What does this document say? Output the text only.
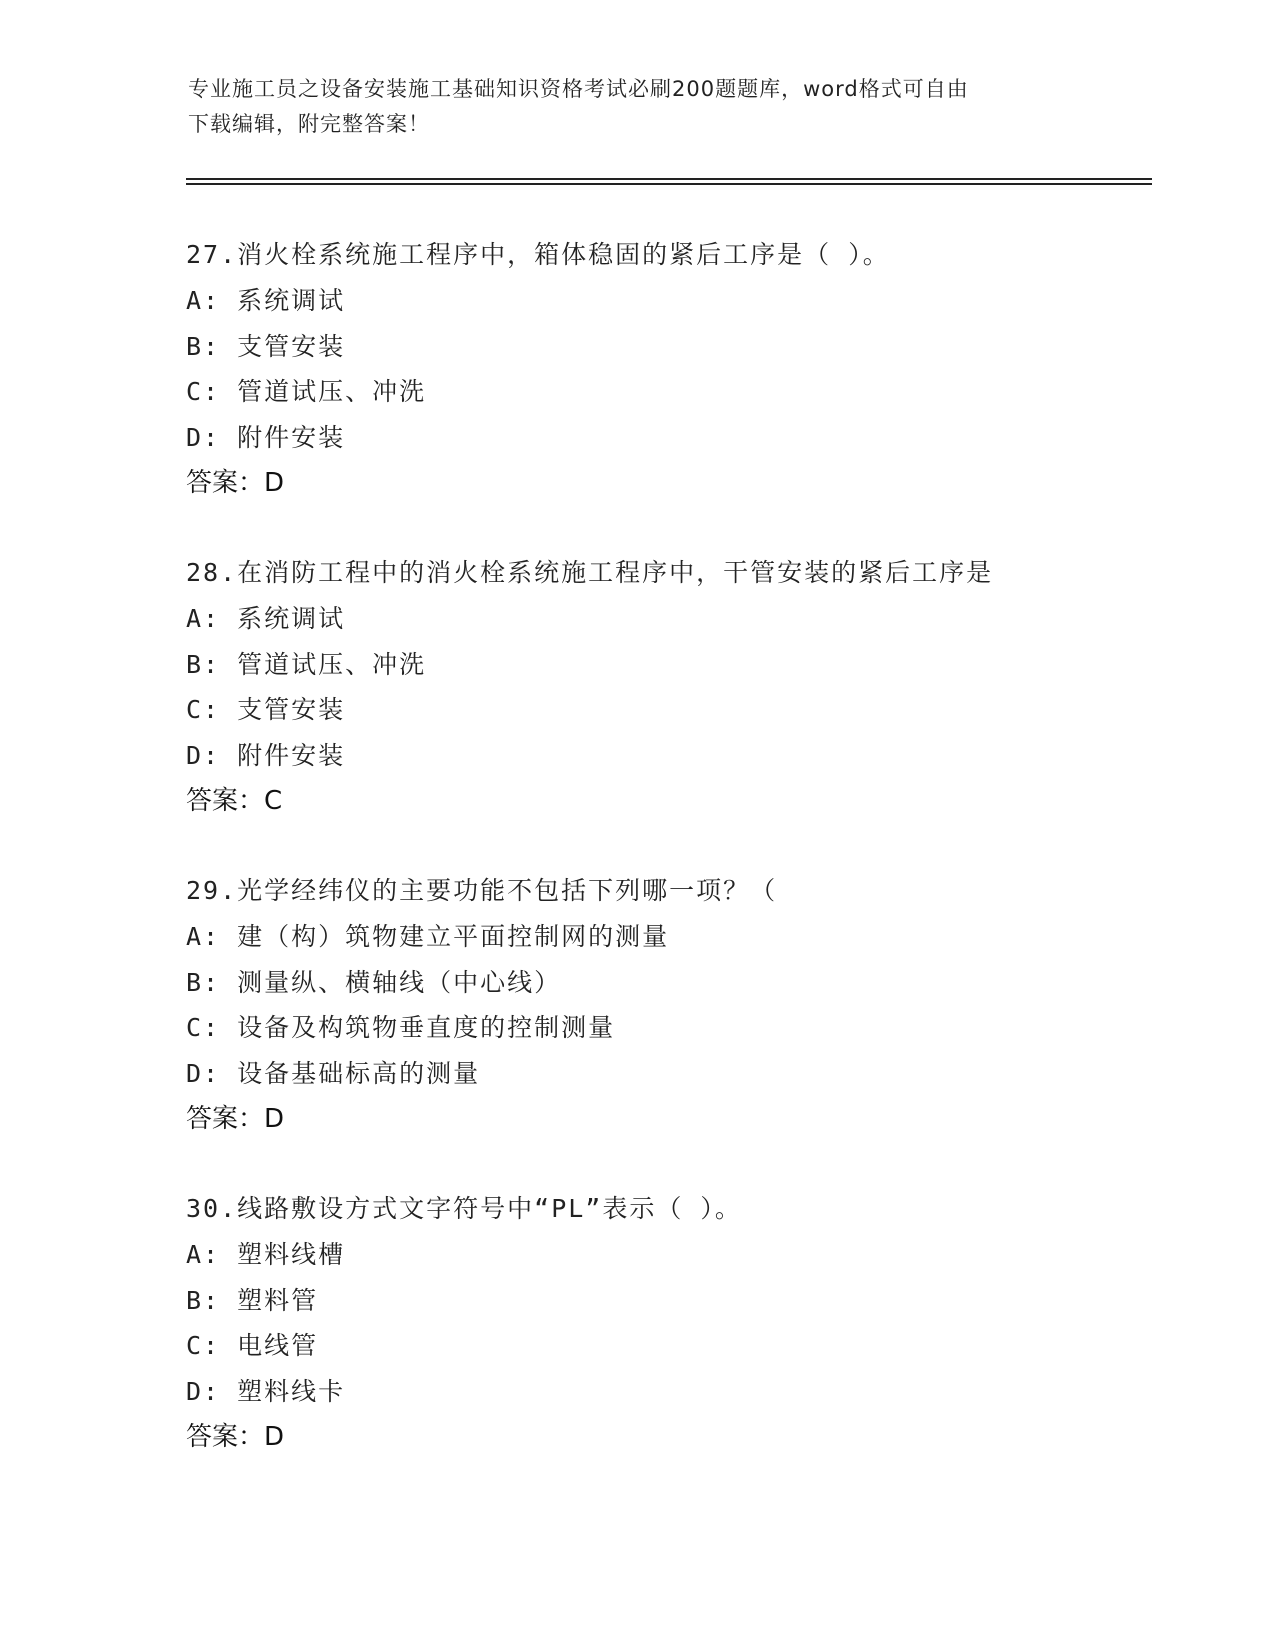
专业施工员之设备安装施工基础知识资格考试必刷200题题库，word格式可自由
下载编辑，附完整答案！
27.消火栓系统施工程序中，箱体稳固的紧后工序是（ ）。
A: 系统调试
B: 支管安装
C: 管道试压、冲洗
D: 附件安装
答案：D
28.在消防工程中的消火栓系统施工程序中，干管安装的紧后工序是
A: 系统调试
B: 管道试压、冲洗
C: 支管安装
D: 附件安装
答案：C
29.光学经纬仪的主要功能不包括下列哪一项？（
A: 建（构）筑物建立平面控制网的测量
B: 测量纵、横轴线（中心线）
C: 设备及构筑物垂直度的控制测量
D: 设备基础标高的测量
答案：D
30.线路敷设方式文字符号中“PL”表示（ ）。
A: 塑料线槽
B: 塑料管
C: 电线管
D: 塑料线卡
答案：D
